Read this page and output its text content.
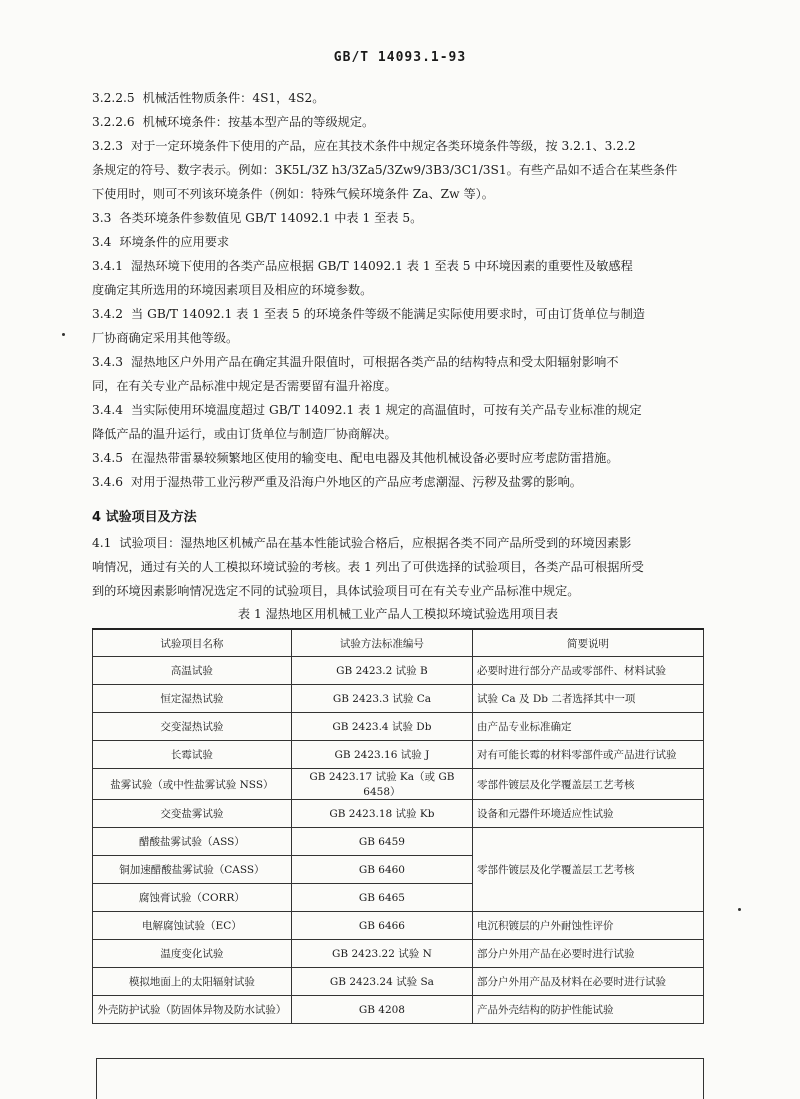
GB/T 14093.1-93

3.2.2.5 机械活性物质条件：4S1，4S2。

3.2.2.6 机械环境条件：按基本型产品的等级规定。

3.2.3 对于一定环境条件下使用的产品，应在其技术条件中规定各类环境条件等级，按 3.2.1、3.2.2

条规定的符号、数字表示。例如：3K5L/3Z h3/3Za5/3Zw9/3B3/3C1/3S1。有些产品如不适合在某些条件

下使用时，则可不列该环境条件（例如：特殊气候环境条件 Za、Zw 等）。

3.3 各类环境条件参数值见 GB/T 14092.1 中表 1 至表 5。

3.4 环境条件的应用要求

3.4.1 湿热环境下使用的各类产品应根据 GB/T 14092.1 表 1 至表 5 中环境因素的重要性及敏感程

度确定其所选用的环境因素项目及相应的环境参数。

3.4.2 当 GB/T 14092.1 表 1 至表 5 的环境条件等级不能满足实际使用要求时，可由订货单位与制造

厂协商确定采用其他等级。

3.4.3 湿热地区户外用产品在确定其温升限值时，可根据各类产品的结构特点和受太阳辐射影响不

同，在有关专业产品标准中规定是否需要留有温升裕度。

3.4.4 当实际使用环境温度超过 GB/T 14092.1 表 1 规定的高温值时，可按有关产品专业标准的规定

降低产品的温升运行，或由订货单位与制造厂协商解决。

3.4.5 在湿热带雷暴较频繁地区使用的输变电、配电电器及其他机械设备必要时应考虑防雷措施。

3.4.6 对用于湿热带工业污秽严重及沿海户外地区的产品应考虑潮湿、污秽及盐雾的影响。

4 试验项目及方法

4.1 试验项目：湿热地区机械产品在基本性能试验合格后，应根据各类不同产品所受到的环境因素影

响情况，通过有关的人工模拟环境试验的考核。表 1 列出了可供选择的试验项目，各类产品可根据所受

到的环境因素影响情况选定不同的试验项目，具体试验项目可在有关专业产品标准中规定。

表 1 湿热地区用机械工业产品人工模拟环境试验选用项目表
试验项目名称	试验方法标准编号	简要说明
高温试验	GB 2423.2 试验 B	必要时进行部分产品或零部件、材料试验
恒定湿热试验	GB 2423.3 试验 Ca	试验 Ca 及 Db 二者选择其中一项
交变湿热试验	GB 2423.4 试验 Db	由产品专业标准确定
长霉试验	GB 2423.16 试验 J	对有可能长霉的材料零部件或产品进行试验
盐雾试验（或中性盐雾试验 NSS）	GB 2423.17 试验 Ka（或 GB 6458）	零部件镀层及化学覆盖层工艺考核
交变盐雾试验	GB 2423.18 试验 Kb	设备和元器件环境适应性试验
醋酸盐雾试验（ASS）	GB 6459	零部件镀层及化学覆盖层工艺考核
铜加速醋酸盐雾试验（CASS）	GB 6460	
腐蚀膏试验（CORR）	GB 6465	
电解腐蚀试验（EC）	GB 6466	电沉积镀层的户外耐蚀性评价
温度变化试验	GB 2423.22 试验 N	部分户外用产品在必要时进行试验
模拟地面上的太阳辐射试验	GB 2423.24 试验 Sa	部分户外用产品及材料在必要时进行试验
外壳防护试验（防固体异物及防水试验）	GB 4208	产品外壳结构的防护性能试验
